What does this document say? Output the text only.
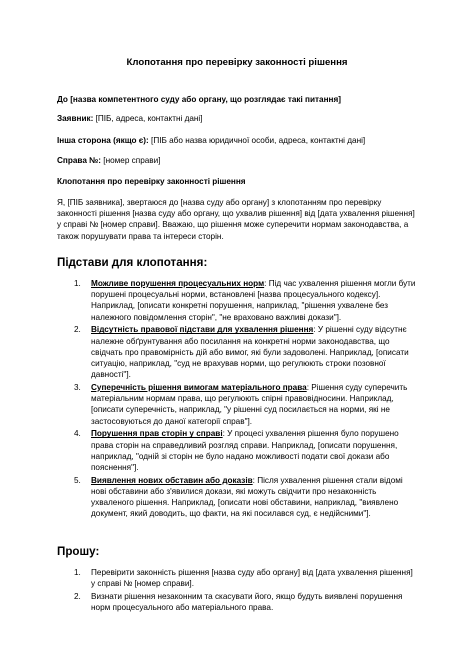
Клопотання про перевірку законності рішення
До [назва компетентного суду або органу, що розглядає такі питання]
Заявник: [ПІБ, адреса, контактні дані]
Інша сторона (якщо є): [ПІБ або назва юридичної особи, адреса, контактні дані]
Справа №: [номер справи]
Клопотання про перевірку законності рішення
Я, [ПІБ заявника], звертаюся до [назва суду або органу] з клопотанням про перевірку законності рішення [назва суду або органу, що ухвалив рішення] від [дата ухвалення рішення] у справі № [номер справи]. Вважаю, що рішення може суперечити нормам законодавства, а також порушувати права та інтереси сторін.
Підстави для клопотання:
1. Можливе порушення процесуальних норм: Під час ухвалення рішення могли бути порушені процесуальні норми, встановлені [назва процесуального кодексу]. Наприклад, [описати конкретні порушення, наприклад, "рішення ухвалене без належного повідомлення сторін", "не враховано важливі докази"].
2. Відсутність правової підстави для ухвалення рішення: У рішенні суду відсутнє належне обґрунтування або посилання на конкретні норми законодавства, що свідчать про правомірність дій або вимог, які були задоволені. Наприклад, [описати ситуацію, наприклад, "суд не врахував норми, що регулюють строки позовної давності"].
3. Суперечність рішення вимогам матеріального права: Рішення суду суперечить матеріальним нормам права, що регулюють спірні правовідносини. Наприклад, [описати суперечність, наприклад, "у рішенні суд посилається на норми, які не застосовуються до даної категорії справ"].
4. Порушення прав сторін у справі: У процесі ухвалення рішення було порушено права сторін на справедливий розгляд справи. Наприклад, [описати порушення, наприклад, "одній зі сторін не було надано можливості подати свої докази або пояснення"].
5. Виявлення нових обставин або доказів: Після ухвалення рішення стали відомі нові обставини або з'явилися докази, які можуть свідчити про незаконність ухваленого рішення. Наприклад, [описати нові обставини, наприклад, "виявлено документ, який доводить, що факти, на які посилався суд, є недійсними"].
Прошу:
1. Перевірити законність рішення [назва суду або органу] від [дата ухвалення рішення] у справі № [номер справи].
2. Визнати рішення незаконним та скасувати його, якщо будуть виявлені порушення норм процесуального або матеріального права.
